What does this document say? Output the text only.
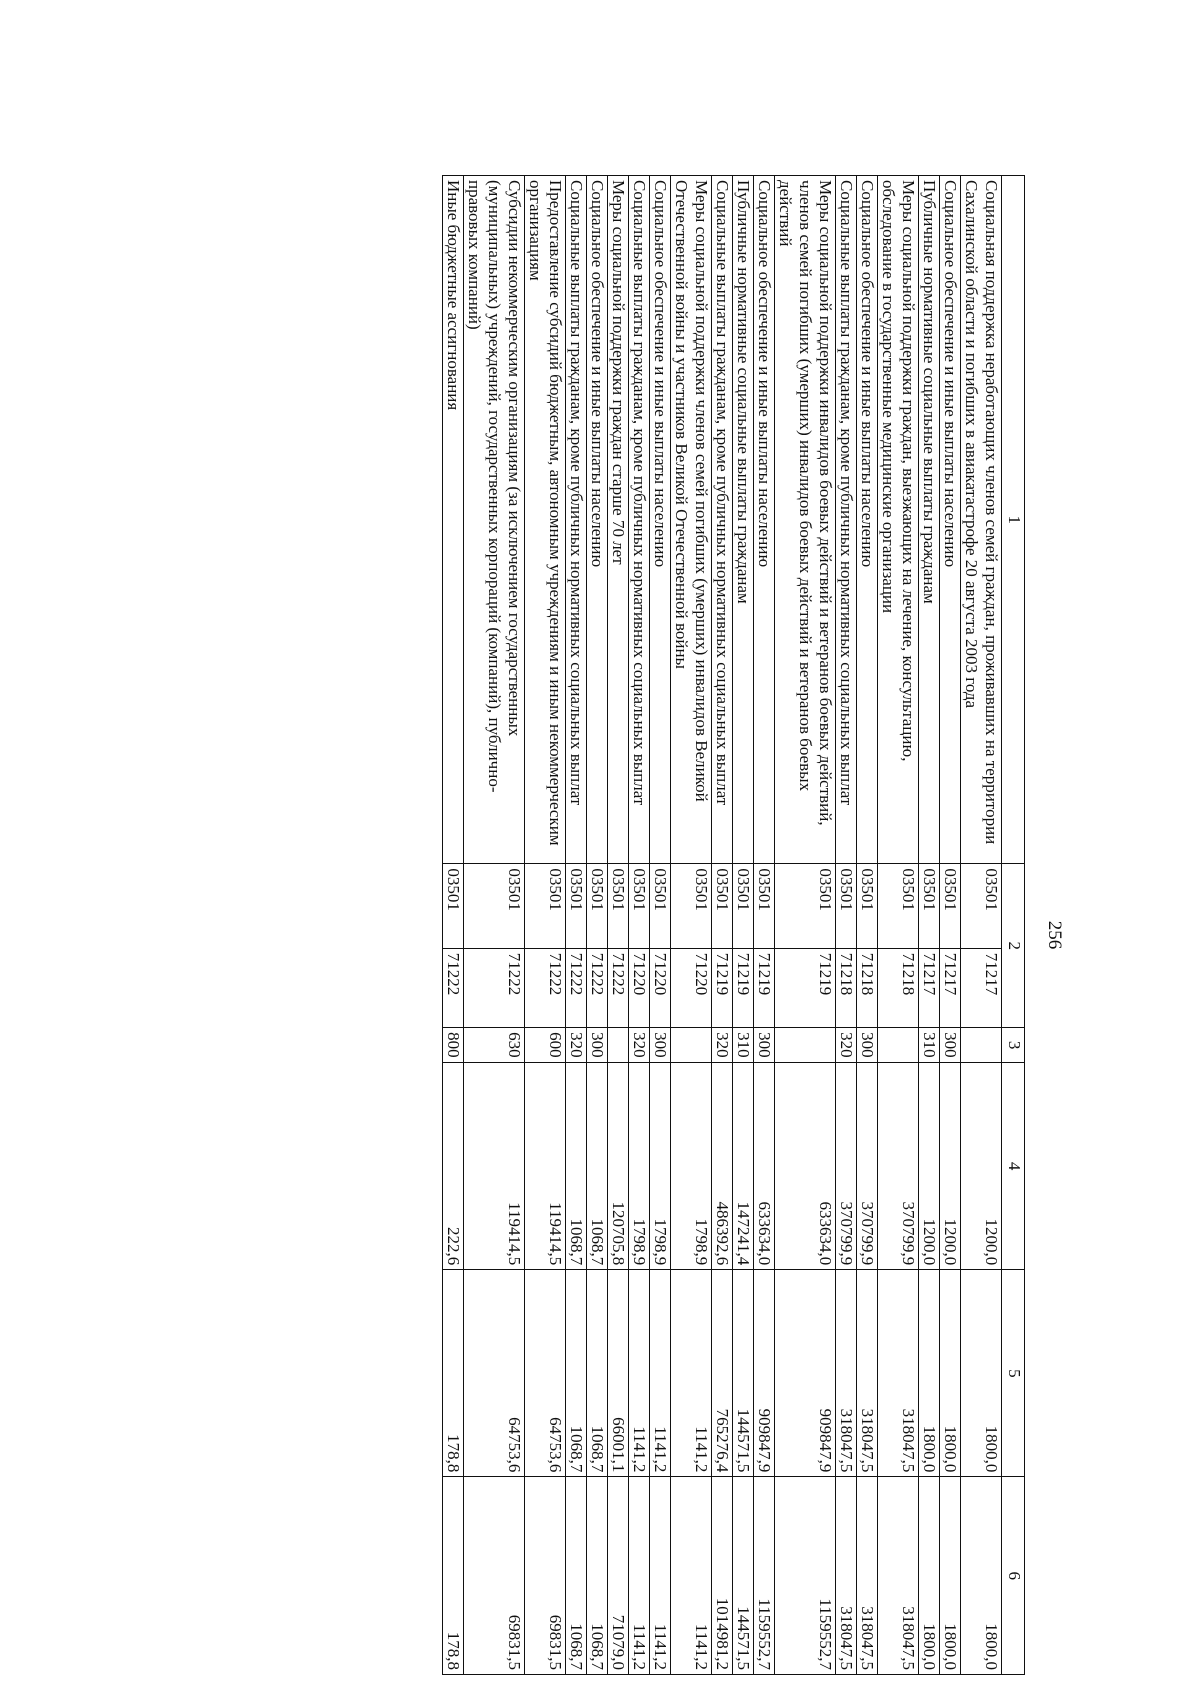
256
1	2		3	4	5	6
Социальная поддержка неработающих членов семей граждан, проживавших на территории Сахалинской области и погибших в авиакатастрофе 20 августа 2003 года	03501	71217		1200,0	1800,0	1800,0
Социальное обеспечение и иные выплаты населению	03501	71217	300	1200,0	1800,0	1800,0
Публичные нормативные социальные выплаты гражданам	03501	71217	310	1200,0	1800,0	1800,0
Меры социальной поддержки граждан, выезжающих на лечение, консультацию, обследование в государственные медицинские организации	03501	71218		370799,9	318047,5	318047,5
Социальное обеспечение и иные выплаты населению	03501	71218	300	370799,9	318047,5	318047,5
Социальные выплаты гражданам, кроме публичных нормативных социальных выплат	03501	71218	320	370799,9	318047,5	318047,5
Меры социальной поддержки инвалидов боевых действий и ветеранов боевых действий, членов семей погибших (умерших) инвалидов боевых действий и ветеранов боевых действий	03501	71219		633634,0	909847,9	1159552,7
Социальное обеспечение и иные выплаты населению	03501	71219	300	633634,0	909847,9	1159552,7
Публичные нормативные социальные выплаты гражданам	03501	71219	310	147241,4	144571,5	144571,5
Социальные выплаты гражданам, кроме публичных нормативных социальных выплат	03501	71219	320	486392,6	765276,4	1014981,2
Меры социальной поддержки членов семей погибших (умерших) инвалидов Великой Отечественной войны и участников Великой Отечественной войны	03501	71220		1798,9	1141,2	1141,2
Социальное обеспечение и иные выплаты населению	03501	71220	300	1798,9	1141,2	1141,2
Социальные выплаты гражданам, кроме публичных нормативных социальных выплат	03501	71220	320	1798,9	1141,2	1141,2
Меры социальной поддержки граждан старше 70 лет	03501	71222		120705,8	66001,1	71079,0
Социальное обеспечение и иные выплаты населению	03501	71222	300	1068,7	1068,7	1068,7
Социальные выплаты гражданам, кроме публичных нормативных социальных выплат	03501	71222	320	1068,7	1068,7	1068,7
Предоставление субсидий бюджетным, автономным учреждениям и иным некоммерческим организациям	03501	71222	600	119414,5	64753,6	69831,5
Субсидии некоммерческим организациям (за исключением государственных (муниципальных) учреждений, государственных корпораций (компаний), публично-правовых компаний)	03501	71222	630	119414,5	64753,6	69831,5
Иные бюджетные ассигнования	03501	71222	800	222,6	178,8	178,8
